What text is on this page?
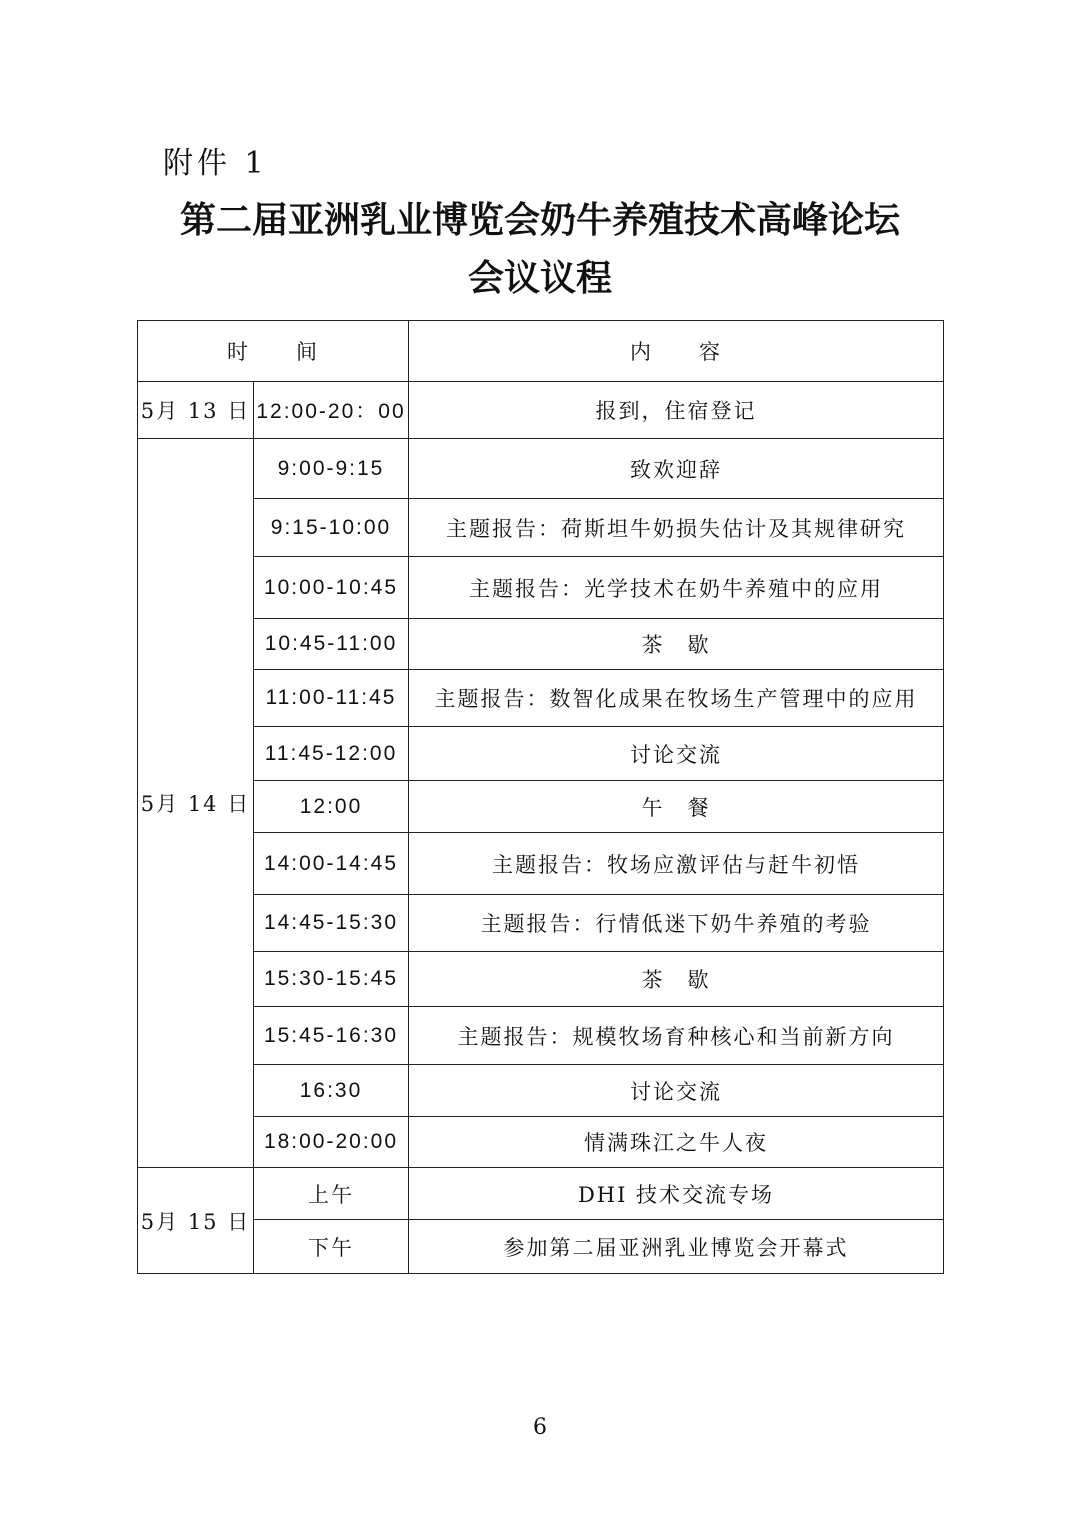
附件 1
第二届亚洲乳业博览会奶牛养殖技术高峰论坛
会议议程
时　　间		内　　容
5月 13 日	12:00-20：00	报到，住宿登记
5月 14 日	9:00-9:15	致欢迎辞
	9:15-10:00	主题报告：荷斯坦牛奶损失估计及其规律研究
	10:00-10:45	主题报告：光学技术在奶牛养殖中的应用
	10:45-11:00	茶　歇
	11:00-11:45	主题报告：数智化成果在牧场生产管理中的应用
	11:45-12:00	讨论交流
	12:00	午　餐
	14:00-14:45	主题报告：牧场应激评估与赶牛初悟
	14:45-15:30	主题报告：行情低迷下奶牛养殖的考验
	15:30-15:45	茶　歇
	15:45-16:30	主题报告：规模牧场育种核心和当前新方向
	16:30	讨论交流
	18:00-20:00	情满珠江之牛人夜
5月 15 日	上午	DHI 技术交流专场
	下午	参加第二届亚洲乳业博览会开幕式
6
